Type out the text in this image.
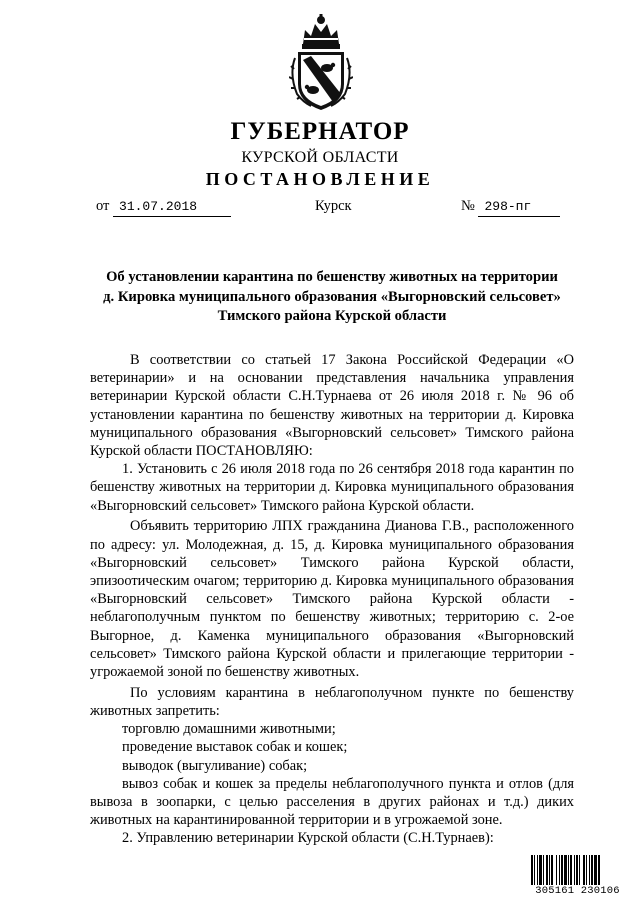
ГУБЕРНАТОР
КУРСКОЙ ОБЛАСТИ
ПОСТАНОВЛЕНИЕ
от 31.07.2018	Курск	№ 298-пг
Об установлении карантина по бешенству животных на территории
д. Кировка муниципального образования «Выгорновский сельсовет»
Тимского района Курской области

В соответствии со статьей 17 Закона Российской Федерации «О ветеринарии» и на основании представления начальника управления ветеринарии Курской области С.Н.Турнаева от 26 июля 2018 г. № 96 об установлении карантина по бешенству животных на территории д. Кировка муниципального образования «Выгорновский сельсовет» Тимского района Курской области ПОСТАНОВЛЯЮ:

1. Установить с 26 июля 2018 года по 26 сентября 2018 года карантин по бешенству животных на территории д. Кировка муниципального образования «Выгорновский сельсовет» Тимского района Курской области.

Объявить территорию ЛПХ гражданина Дианова Г.В., расположенного по адресу: ул. Молодежная, д. 15, д. Кировка муниципального образования «Выгорновский сельсовет» Тимского района Курской области, эпизоотическим очагом; территорию д. Кировка муниципального образования «Выгорновский сельсовет» Тимского района Курской области - неблагополучным пунктом по бешенству животных; территорию с. 2-ое Выгорное, д. Каменка муниципального образования «Выгорновский сельсовет» Тимского района Курской области и прилегающие территории - угрожаемой зоной по бешенству животных.

По условиям карантина в неблагополучном пункте по бешенству животных запретить:

торговлю домашними животными;

проведение выставок собак и кошек;

выводок (выгуливание) собак;

вывоз собак и кошек за пределы неблагополучного пункта и отлов (для вывоза в зоопарки, с целью расселения в других районах и т.д.) диких животных на карантинированной территории и в угрожаемой зоне.

2. Управлению ветеринарии Курской области (С.Н.Турнаев):

305161 230106
